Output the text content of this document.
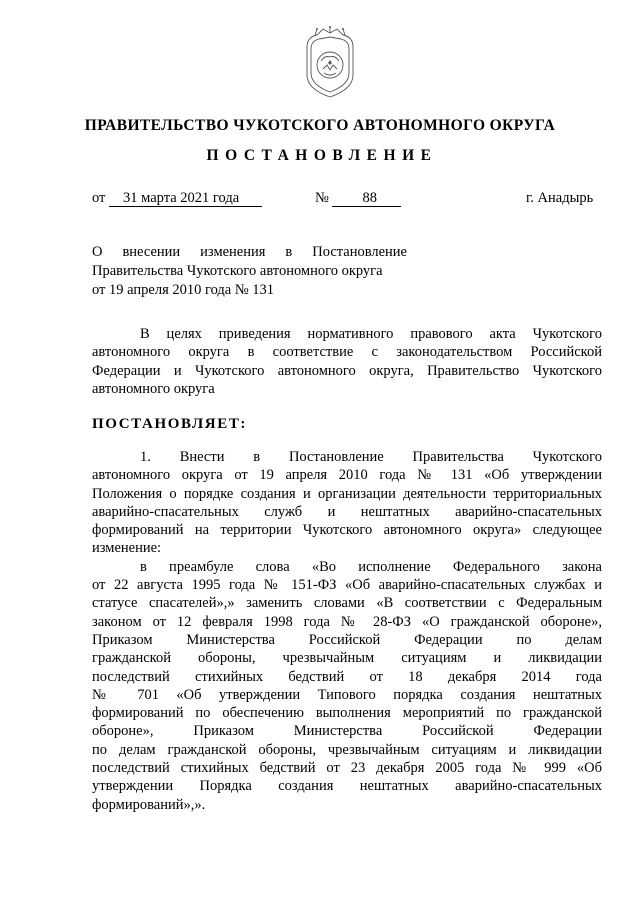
ПРАВИТЕЛЬСТВО ЧУКОТСКОГО АВТОНОМНОГО ОКРУГА
ПОСТАНОВЛЕНИЕ
от 31 марта 2021 года	№ 88	г. Анадырь
О внесении изменения в Постановление
Правительства Чукотского автономного округа
от 19 апреля 2010 года № 131
В целях приведения нормативного правового акта Чукотского
автономного округа в соответствие с законодательством Российской
Федерации и Чукотского автономного округа, Правительство Чукотского
автономного округа
ПОСТАНОВЛЯЕТ:
1. Внести в Постановление Правительства Чукотского
автономного округа от 19 апреля 2010 года № 131 «Об утверждении
Положения о порядке создания и организации деятельности территориальных
аварийно-спасательных служб и нештатных аварийно-спасательных
формирований на территории Чукотского автономного округа» следующее
изменение:
в преамбуле слова «Во исполнение Федерального закона
от 22 августа 1995 года № 151-ФЗ «Об аварийно-спасательных службах и
статусе спасателей»,» заменить словами «В соответствии с Федеральным
законом от 12 февраля 1998 года № 28-ФЗ «О гражданской обороне»,
Приказом Министерства Российской Федерации по делам
гражданской обороны, чрезвычайным ситуациям и ликвидации
последствий стихийных бедствий от 18 декабря 2014 года
№ 701 «Об утверждении Типового порядка создания нештатных
формирований по обеспечению выполнения мероприятий по гражданской
обороне», Приказом Министерства Российской Федерации
по делам гражданской обороны, чрезвычайным ситуациям и ликвидации
последствий стихийных бедствий от 23 декабря 2005 года № 999 «Об
утверждении Порядка создания нештатных аварийно-спасательных
формирований»,».
